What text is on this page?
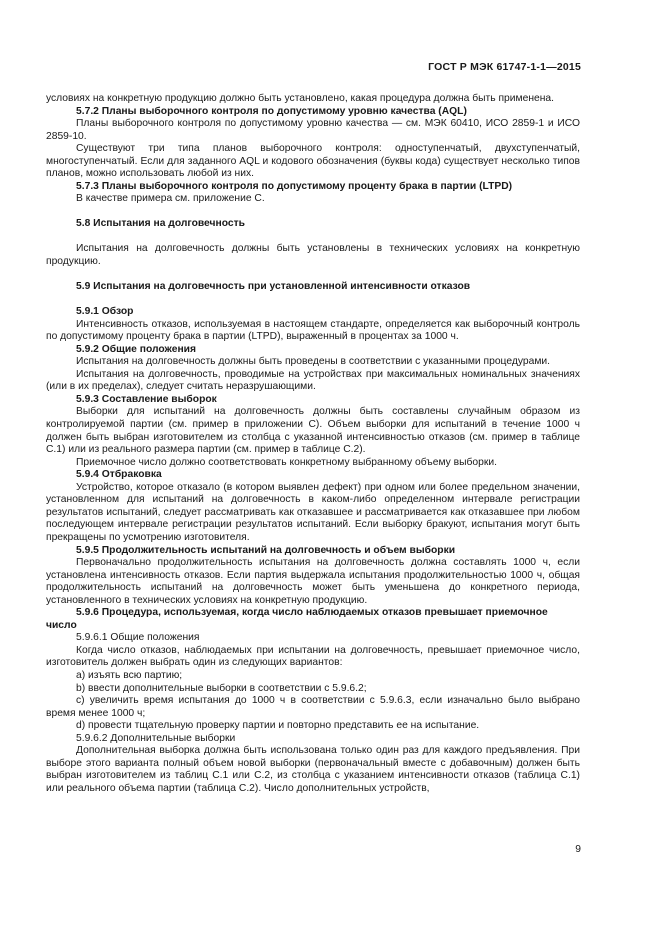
ГОСТ Р МЭК 61747-1-1—2015

условиях на конкретную продукцию должно быть установлено, какая процедура должна быть применена.

5.7.2 Планы выборочного контроля по допустимому уровню качества (AQL)

Планы выборочного контроля по допустимому уровню качества — см. МЭК 60410, ИСО 2859-1 и ИСО 2859-10.

Существуют три типа планов выборочного контроля: одноступенчатый, двухступенчатый, многоступенчатый. Если для заданного AQL и кодового обозначения (буквы кода) существует несколько типов планов, можно использовать любой из них.

5.7.3 Планы выборочного контроля по допустимому проценту брака в партии (LTPD)

В качестве примера см. приложение С.

5.8 Испытания на долговечность

Испытания на долговечность должны быть установлены в технических условиях на конкретную продукцию.

5.9 Испытания на долговечность при установленной интенсивности отказов

5.9.1 Обзор

Интенсивность отказов, используемая в настоящем стандарте, определяется как выборочный контроль по допустимому проценту брака в партии (LTPD), выраженный в процентах за 1000 ч.

5.9.2 Общие положения

Испытания на долговечность должны быть проведены в соответствии с указанными процедурами.

Испытания на долговечность, проводимые на устройствах при максимальных номинальных значениях (или в их пределах), следует считать неразрушающими.

5.9.3 Составление выборок

Выборки для испытаний на долговечность должны быть составлены случайным образом из контролируемой партии (см. пример в приложении С). Объем выборки для испытаний в течение 1000 ч должен быть выбран изготовителем из столбца с указанной интенсивностью отказов (см. пример в таблице С.1) или из реального размера партии (см. пример в таблице С.2).

Приемочное число должно соответствовать конкретному выбранному объему выборки.

5.9.4 Отбраковка

Устройство, которое отказало (в котором выявлен дефект) при одном или более предельном значении, установленном для испытаний на долговечность в каком-либо определенном интервале регистрации результатов испытаний, следует рассматривать как отказавшее и рассматривается как отказавшее при любом последующем интервале регистрации результатов испытаний. Если выборку бракуют, испытания могут быть прекращены по усмотрению изготовителя.

5.9.5 Продолжительность испытаний на долговечность и объем выборки

Первоначально продолжительность испытания на долговечность должна составлять 1000 ч, если установлена интенсивность отказов. Если партия выдержала испытания продолжительностью 1000 ч, общая продолжительность испытаний на долговечность может быть уменьшена до конкретного периода, установленного в технических условиях на конкретную продукцию.

5.9.6 Процедура, используемая, когда число наблюдаемых отказов превышает приемочное число

5.9.6.1 Общие положения

Когда число отказов, наблюдаемых при испытании на долговечность, превышает приемочное число, изготовитель должен выбрать один из следующих вариантов:

a) изъять всю партию;

b) ввести дополнительные выборки в соответствии с 5.9.6.2;

c) увеличить время испытания до 1000 ч в соответствии с 5.9.6.3, если изначально было выбрано время менее 1000 ч;

d) провести тщательную проверку партии и повторно представить ее на испытание.

5.9.6.2 Дополнительные выборки

Дополнительная выборка должна быть использована только один раз для каждого предъявления. При выборе этого варианта полный объем новой выборки (первоначальный вместе с добавочным) должен быть выбран изготовителем из таблиц С.1 или С.2, из столбца с указанием интенсивности отказов (таблица С.1) или реального объема партии (таблица С.2). Число дополнительных устройств,

9
